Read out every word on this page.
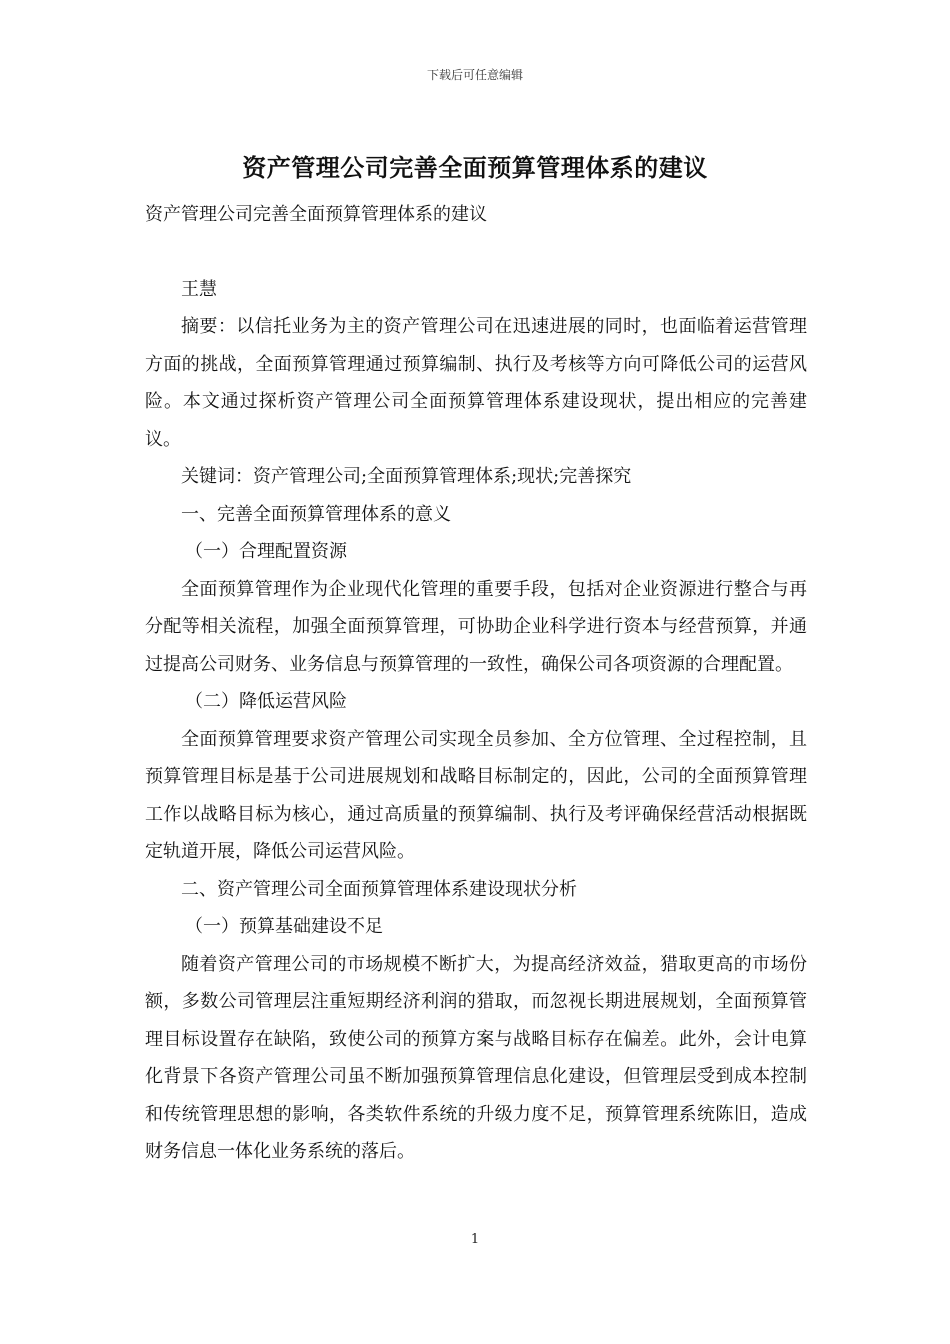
下载后可任意编辑
资产管理公司完善全面预算管理体系的建议

资产管理公司完善全面预算管理体系的建议

王慧

摘要：以信托业务为主的资产管理公司在迅速进展的同时，也面临着运营管理方面的挑战，全面预算管理通过预算编制、执行及考核等方向可降低公司的运营风险。本文通过探析资产管理公司全面预算管理体系建设现状，提出相应的完善建议。

关键词：资产管理公司;全面预算管理体系;现状;完善探究

一、完善全面预算管理体系的意义

（一）合理配置资源

全面预算管理作为企业现代化管理的重要手段，包括对企业资源进行整合与再分配等相关流程，加强全面预算管理，可协助企业科学进行资本与经营预算，并通过提高公司财务、业务信息与预算管理的一致性，确保公司各项资源的合理配置。

（二）降低运营风险

全面预算管理要求资产管理公司实现全员参加、全方位管理、全过程控制，且预算管理目标是基于公司进展规划和战略目标制定的，因此，公司的全面预算管理工作以战略目标为核心，通过高质量的预算编制、执行及考评确保经营活动根据既定轨道开展，降低公司运营风险。

二、资产管理公司全面预算管理体系建设现状分析

（一）预算基础建设不足

随着资产管理公司的市场规模不断扩大，为提高经济效益，猎取更高的市场份额，多数公司管理层注重短期经济利润的猎取，而忽视长期进展规划，全面预算管理目标设置存在缺陷，致使公司的预算方案与战略目标存在偏差。此外，会计电算化背景下各资产管理公司虽不断加强预算管理信息化建设，但管理层受到成本控制和传统管理思想的影响，各类软件系统的升级力度不足，预算管理系统陈旧，造成财务信息一体化业务系统的落后。

1
